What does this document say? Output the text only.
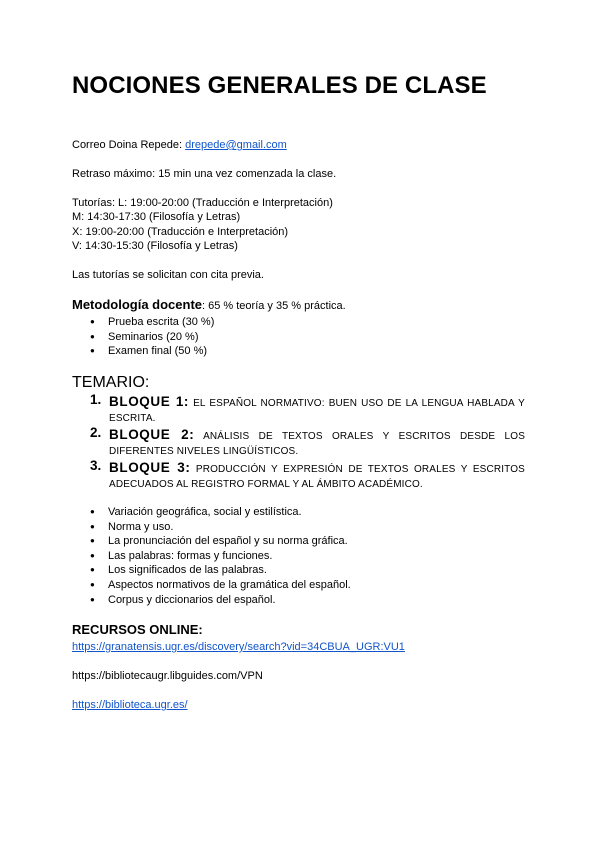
NOCIONES GENERALES DE CLASE
Correo Doina Repede: drepede@gmail.com
Retraso máximo: 15 min una vez comenzada la clase.
Tutorías: L: 19:00-20:00 (Traducción e Interpretación)
M: 14:30-17:30 (Filosofía y Letras)
X: 19:00-20:00 (Traducción e Interpretación)
V: 14:30-15:30 (Filosofía y Letras)
Las tutorías se solicitan con cita previa.
Metodología docente: 65 % teoría y 35 % práctica.
● Prueba escrita (30 %)
● Seminarios (20 %)
● Examen final (50 %)
TEMARIO:
1. BLOQUE 1: EL ESPAÑOL NORMATIVO: BUEN USO DE LA LENGUA HABLADA Y ESCRITA.
2. BLOQUE 2: ANÁLISIS DE TEXTOS ORALES Y ESCRITOS DESDE LOS DIFERENTES NIVELES LINGÜÍSTICOS.
3. BLOQUE 3: PRODUCCIÓN Y EXPRESIÓN DE TEXTOS ORALES Y ESCRITOS ADECUADOS AL REGISTRO FORMAL Y AL ÁMBITO ACADÉMICO.
● Variación geográfica, social y estilística.
● Norma y uso.
● La pronunciación del español y su norma gráfica.
● Las palabras: formas y funciones.
● Los significados de las palabras.
● Aspectos normativos de la gramática del español.
● Corpus y diccionarios del español.
RECURSOS ONLINE:
https://granatensis.ugr.es/discovery/search?vid=34CBUA_UGR:VU1
https://bibliotecaugr.libguides.com/VPN
https://biblioteca.ugr.es/
